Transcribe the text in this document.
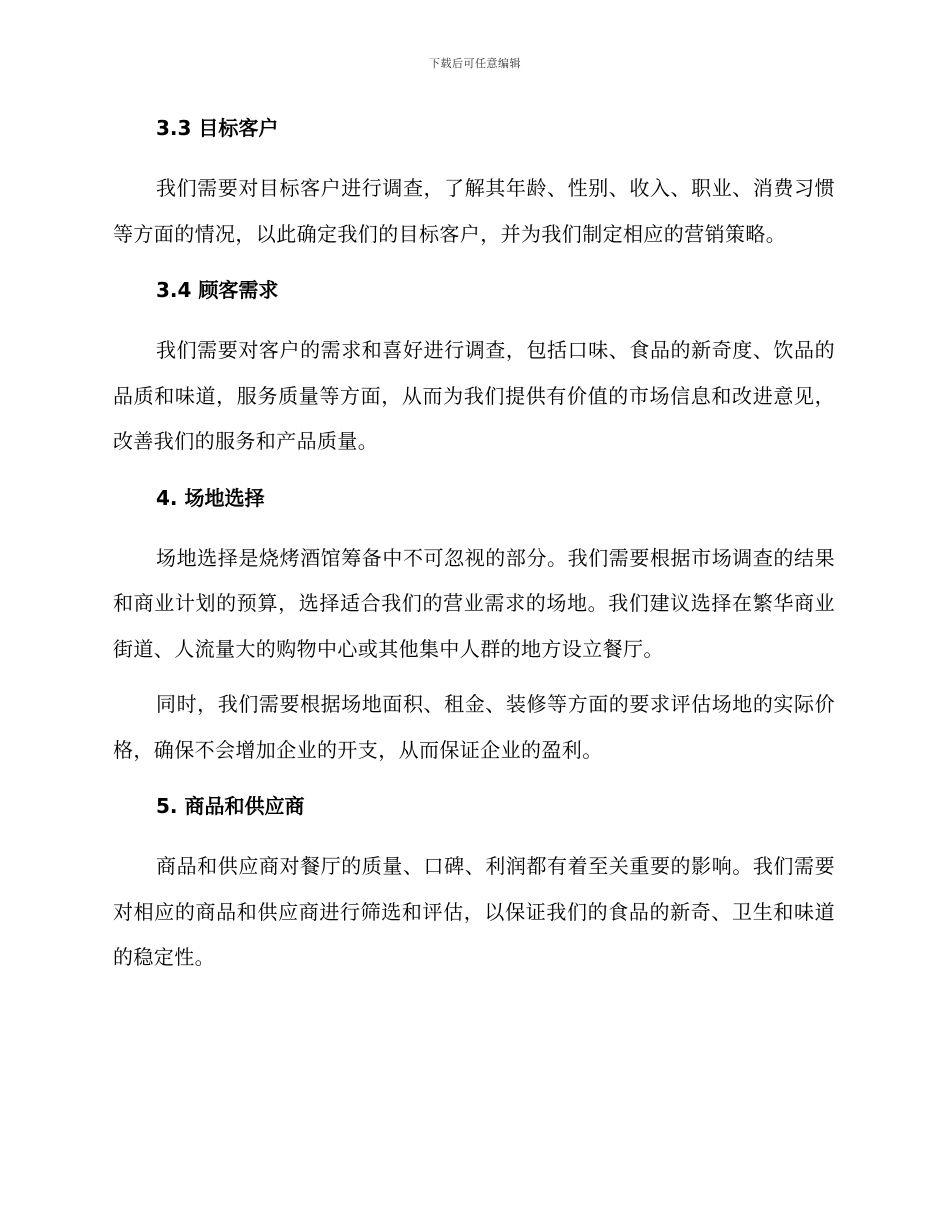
下载后可任意编辑
3.3 目标客户

我们需要对目标客户进行调查，了解其年龄、性别、收入、职业、消费习惯等方面的情况，以此确定我们的目标客户，并为我们制定相应的营销策略。

3.4 顾客需求

我们需要对客户的需求和喜好进行调查，包括口味、食品的新奇度、饮品的品质和味道，服务质量等方面，从而为我们提供有价值的市场信息和改进意见，改善我们的服务和产品质量。

4. 场地选择

场地选择是烧烤酒馆筹备中不可忽视的部分。我们需要根据市场调查的结果和商业计划的预算，选择适合我们的营业需求的场地。我们建议选择在繁华商业街道、人流量大的购物中心或其他集中人群的地方设立餐厅。

同时，我们需要根据场地面积、租金、装修等方面的要求评估场地的实际价格，确保不会增加企业的开支，从而保证企业的盈利。

5. 商品和供应商

商品和供应商对餐厅的质量、口碑、利润都有着至关重要的影响。我们需要对相应的商品和供应商进行筛选和评估，以保证我们的食品的新奇、卫生和味道的稳定性。
